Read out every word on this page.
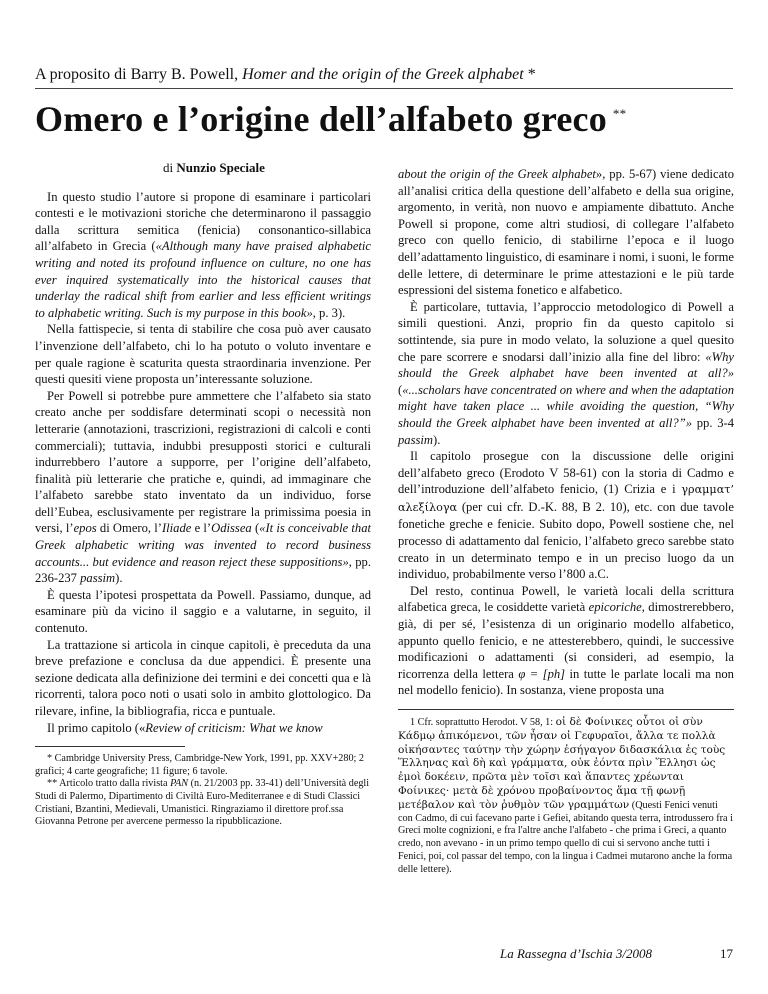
A proposito di Barry B. Powell, Homer and the origin of the Greek alphabet *
Omero e l’origine dell’alfabeto greco **
di Nunzio Speciale

In questo studio l’autore si propone di esaminare i particolari contesti e le motivazioni storiche che determinarono il passaggio dalla scrittura semitica (fenicia) consonantico-sillabica all’alfabeto in Grecia («Although many have praised alphabetic writing and noted its profound influence on culture, no one has ever inquired systematically into the historical causes that underlay the radical shift from earlier and less efficient writings to alphabetic writing. Such is my purpose in this book», p. 3).

Nella fattispecie, si tenta di stabilire che cosa può aver causato l’invenzione dell’alfabeto, chi lo ha potuto o voluto inventare e per quale ragione è scaturita questa straordinaria invenzione. Per questi quesiti viene proposta un’interessante soluzione.

Per Powell si potrebbe pure ammettere che l’alfabeto sia stato creato anche per soddisfare determinati scopi o necessità non letterarie (annotazioni, trascrizioni, registrazioni di calcoli e conti commerciali); tuttavia, indubbi presupposti storici e culturali indurrebbero l’autore a supporre, per l’origine dell’alfabeto, finalità più letterarie che pratiche e, quindi, ad immaginare che l’alfabeto sarebbe stato inventato da un individuo, forse dell’Eubea, esclusivamente per registrare la primissima poesia in versi, l’epos di Omero, l’Iliade e l’Odissea («It is conceivable that Greek alphabetic writing was invented to record business accounts... but evidence and reason reject these suppositions», pp. 236-237 passim).

È questa l’ipotesi prospettata da Powell. Passiamo, dunque, ad esaminare più da vicino il saggio e a valutarne, in seguito, il contenuto.

La trattazione si articola in cinque capitoli, è preceduta da una breve prefazione e conclusa da due appendici. È presente una sezione dedicata alla definizione dei termini e dei concetti qua e là ricorrenti, talora poco noti o usati solo in ambito glottologico. Da rilevare, infine, la bibliografia, ricca e puntuale.

Il primo capitolo («Review of criticism: What we know

* Cambridge University Press, Cambridge-New York, 1991, pp. XXV+280; 2 grafici; 4 carte geografiche; 11 figure; 6 tavole.

** Articolo tratto dalla rivista PAN (n. 21/2003 pp. 33-41) dell’Università degli Studi di Palermo, Dipartimento di Civiltà Euro-Mediterranee e di Studi Classici Cristiani, Bzantini, Medievali, Umanistici. Ringraziamo il direttore prof.ssa Giovanna Petrone per avercene permesso la ripubblicazione.

about the origin of the Greek alphabet», pp. 5-67) viene dedicato all’analisi critica della questione dell’alfabeto e della sua origine, argomento, in verità, non nuovo e ampiamente dibattuto. Anche Powell si propone, come altri studiosi, di collegare l’alfabeto greco con quello fenicio, di stabilirne l’epoca e il luogo dell’adattamento linguistico, di esaminare i nomi, i suoni, le forme delle lettere, di determinare le prime attestazioni e le più tarde espressioni del sistema fonetico e alfabetico.

È particolare, tuttavia, l’approccio metodologico di Powell a simili questioni. Anzi, proprio fin da questo capitolo si sottintende, sia pure in modo velato, la soluzione a quel quesito che pare scorrere e snodarsi dall’inizio alla fine del libro: «Why should the Greek alphabet have been invented at all?» («...scholars have concentrated on where and when the adaptation might have taken place ... while avoiding the question, “Why should the Greek alphabet have been invented at all?”» pp. 3-4 passim).

Il capitolo prosegue con la discussione delle origini dell’alfabeto greco (Erodoto V 58-61) con la storia di Cadmo e dell’introduzione dell’alfabeto fenicio, (1) Crizia e i γραμματ’ αλεξίλογα (per cui cfr. D.-K. 88, B 2. 10), etc. con due tavole fonetiche greche e fenicie. Subito dopo, Powell sostiene che, nel processo di adattamento dal fenicio, l’alfabeto greco sarebbe stato creato in un determinato tempo e in un preciso luogo da un individuo, probabilmente verso l’800 a.C.

Del resto, continua Powell, le varietà locali della scrittura alfabetica greca, le cosiddette varietà epicoriche, dimostrerebbero, già, di per sé, l’esistenza di un originario modello alfabetico, appunto quello fenicio, e ne attesterebbero, quindi, le successive modificazioni o adattamenti (si consideri, ad esempio, la ricorrenza della lettera φ = [ph] in tutte le parlate locali ma non nel modello fenicio). In sostanza, viene proposta una

1 Cfr. soprattutto Herodot. V 58, 1: οἱ δὲ Φοίνικες οὗτοι οἱ σὺν Κάδμῳ ἀπικόμενοι, τῶν ἦσαν οἱ Γεφυραῖοι, ἄλλα τε πολλὰ οἰκήσαντες ταύτην τὴν χώρην ἐσήγαγον διδασκάλια ἐς τοὺς Ἕλληνας καὶ δὴ καὶ γράμματα, οὐκ ἐόντα πρὶν Ἕλλησι ὡς ἐμοὶ δοκέειν, πρῶτα μὲν τοῖσι καὶ ἅπαντες χρέωνται Φοίνικες· μετὰ δὲ χρόνου προβαίνοντος ἅμα τῇ φωνῇ μετέβαλον καὶ τὸν ῥυθμὸν τῶν γραμμάτων (Questi Fenici venuti con Cadmo, di cui facevano parte i Gefiei, abitando questa terra, introdussero fra i Greci molte cognizioni, e fra l'altre anche l'alfabeto - che prima i Greci, a quanto credo, non avevano - in un primo tempo quello di cui si servono anche tutti i Fenici, poi, col passar del tempo, con la lingua i Cadmei mutarono anche la forma delle lettere).

La Rassegna d’Ischia 3/2008	17
